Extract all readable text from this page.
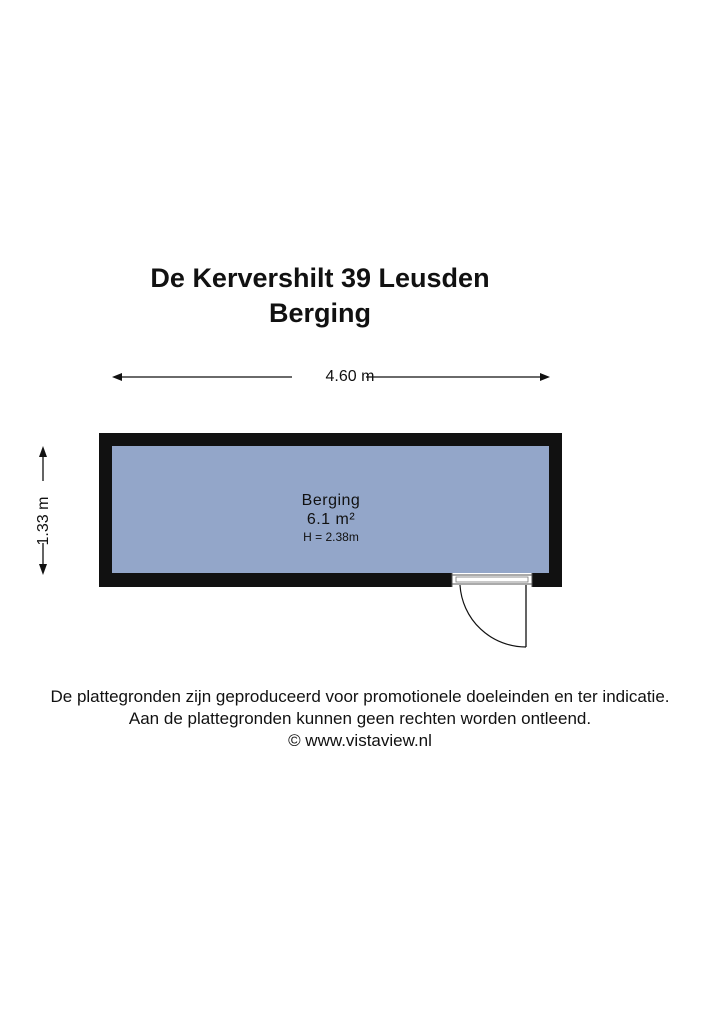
De Kervershilt 39 Leusden
Berging
4.60 m
1.33 m	Berging
6.1 m²
H = 2.38m
De plattegronden zijn geproduceerd voor promotionele doeleinden en ter indicatie.
Aan de plattegronden kunnen geen rechten worden ontleend.
© www.vistaview.nl
